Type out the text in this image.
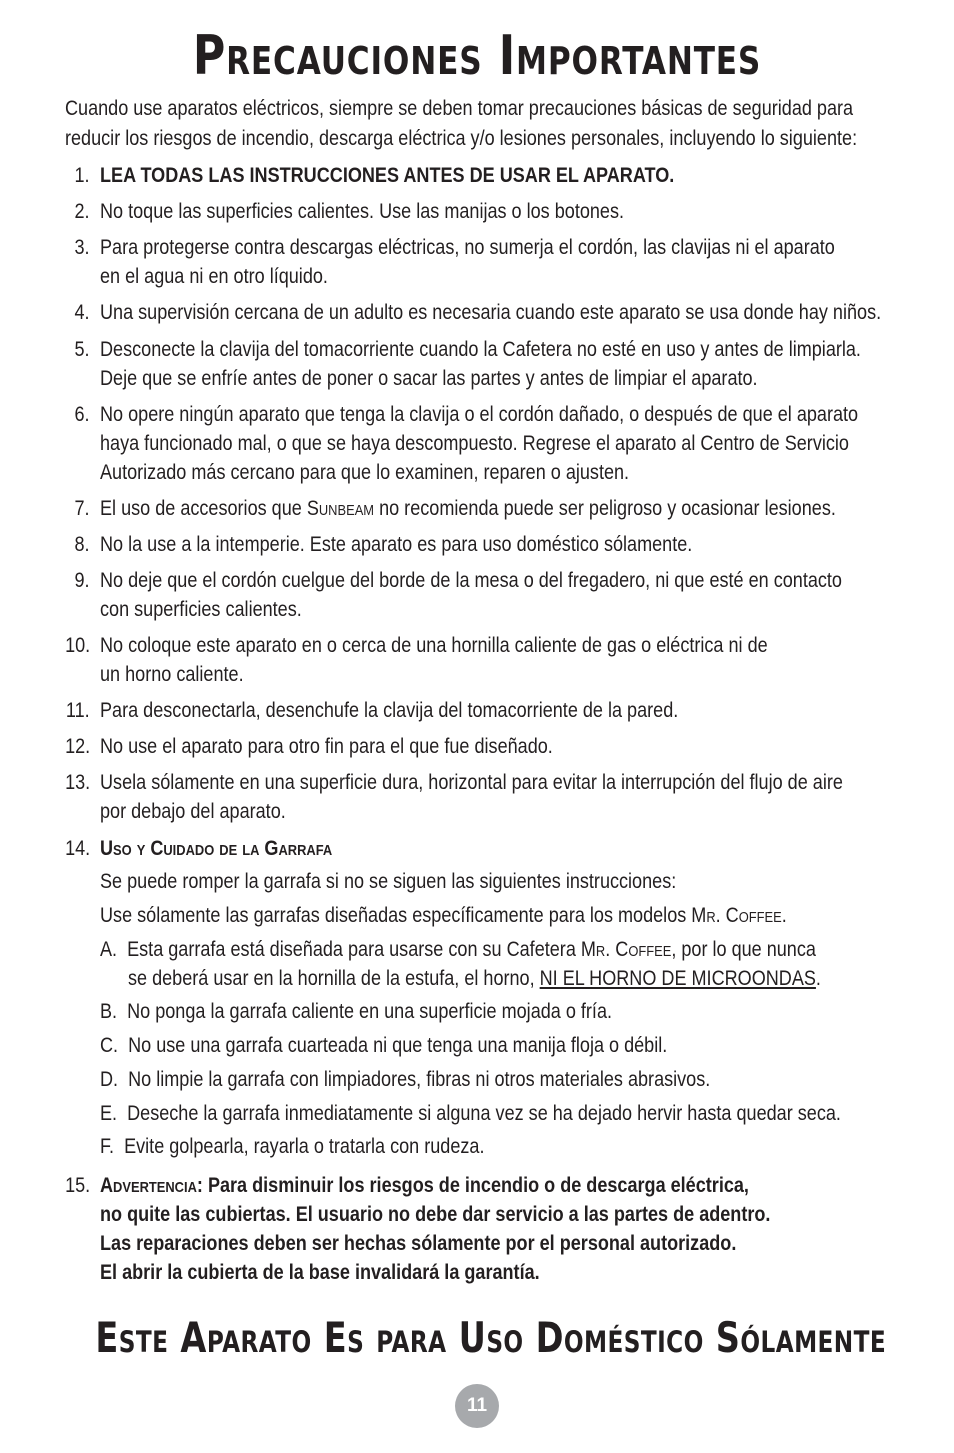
Precauciones Importantes
Cuando use aparatos eléctricos, siempre se deben tomar precauciones básicas de seguridad para
reducir los riesgos de incendio, descarga eléctrica y/o lesiones personales, incluyendo lo siguiente:
1. LEA TODAS LAS INSTRUCCIONES ANTES DE USAR EL APARATO.
2. No toque las superficies calientes. Use las manijas o los botones.
3. Para protegerse contra descargas eléctricas, no sumerja el cordón, las clavijas ni el aparato
en el agua ni en otro líquido.
4. Una supervisión cercana de un adulto es necesaria cuando este aparato se usa donde hay niños.
5. Desconecte la clavija del tomacorriente cuando la Cafetera no esté en uso y antes de limpiarla.
Deje que se enfríe antes de poner o sacar las partes y antes de limpiar el aparato.
6. No opere ningún aparato que tenga la clavija o el cordón dañado, o después de que el aparato
haya funcionado mal, o que se haya descompuesto. Regrese el aparato al Centro de Servicio
Autorizado más cercano para que lo examinen, reparen o ajusten.
7. El uso de accesorios que Sunbeam no recomienda puede ser peligroso y ocasionar lesiones.
8. No la use a la intemperie. Este aparato es para uso doméstico sólamente.
9. No deje que el cordón cuelgue del borde de la mesa o del fregadero, ni que esté en contacto
con superficies calientes.
10. No coloque este aparato en o cerca de una hornilla caliente de gas o eléctrica ni de
un horno caliente.
11. Para desconectarla, desenchufe la clavija del tomacorriente de la pared.
12. No use el aparato para otro fin para el que fue diseñado.
13. Usela sólamente en una superficie dura, horizontal para evitar la interrupción del flujo de aire
por debajo del aparato.
14. Uso y Cuidado de la Garrafa
Se puede romper la garrafa si no se siguen las siguientes instrucciones:
Use sólamente las garrafas diseñadas específicamente para los modelos Mr. Coffee.
A. Esta garrafa está diseñada para usarse con su Cafetera Mr. Coffee, por lo que nunca
se deberá usar en la hornilla de la estufa, el horno, NI EL HORNO DE MICROONDAS.
B. No ponga la garrafa caliente en una superficie mojada o fría.
C. No use una garrafa cuarteada ni que tenga una manija floja o débil.
D. No limpie la garrafa con limpiadores, fibras ni otros materiales abrasivos.
E. Deseche la garrafa inmediatamente si alguna vez se ha dejado hervir hasta quedar seca.
F. Evite golpearla, rayarla o tratarla con rudeza.
15. Advertencia: Para disminuir los riesgos de incendio o de descarga eléctrica,
no quite las cubiertas. El usuario no debe dar servicio a las partes de adentro.
Las reparaciones deben ser hechas sólamente por el personal autorizado.
El abrir la cubierta de la base invalidará la garantía.
Este Aparato Es para Uso Doméstico Sólamente
11
